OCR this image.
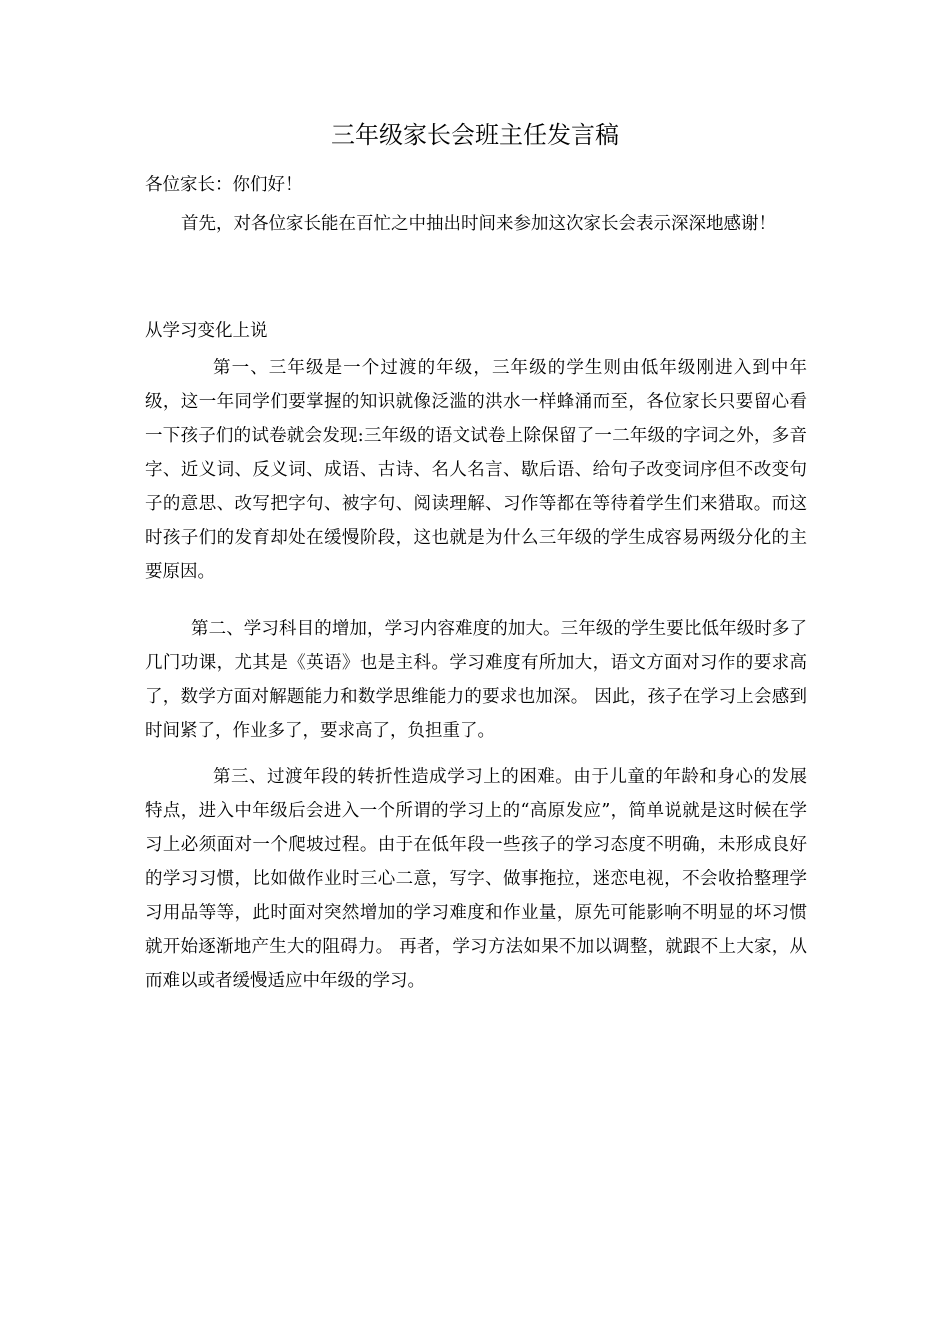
三年级家长会班主任发言稿
各位家长：你们好！
首先，对各位家长能在百忙之中抽出时间来参加这次家长会表示深深地感谢！
从学习变化上说
第一、三年级是一个过渡的年级，三年级的学生则由低年级刚进入到中年级，这一年同学们要掌握的知识就像泛滥的洪水一样蜂涌而至，各位家长只要留心看一下孩子们的试卷就会发现:三年级的语文试卷上除保留了一二年级的字词之外，多音字、近义词、反义词、成语、古诗、名人名言、歇后语、给句子改变词序但不改变句子的意思、改写把字句、被字句、阅读理解、习作等都在等待着学生们来猎取。而这时孩子们的发育却处在缓慢阶段，这也就是为什么三年级的学生成容易两级分化的主要原因。
第二、学习科目的增加，学习内容难度的加大。三年级的学生要比低年级时多了几门功课，尤其是《英语》也是主科。学习难度有所加大，语文方面对习作的要求高了，数学方面对解题能力和数学思维能力的要求也加深。 因此，孩子在学习上会感到时间紧了，作业多了，要求高了，负担重了。
第三、过渡年段的转折性造成学习上的困难。由于儿童的年龄和身心的发展特点，进入中年级后会进入一个所谓的学习上的“高原发应”，简单说就是这时候在学习上必须面对一个爬坡过程。由于在低年段一些孩子的学习态度不明确，未形成良好的学习习惯，比如做作业时三心二意，写字、做事拖拉，迷恋电视，不会收拾整理学习用品等等，此时面对突然增加的学习难度和作业量，原先可能影响不明显的坏习惯就开始逐渐地产生大的阻碍力。 再者，学习方法如果不加以调整，就跟不上大家，从而难以或者缓慢适应中年级的学习。
